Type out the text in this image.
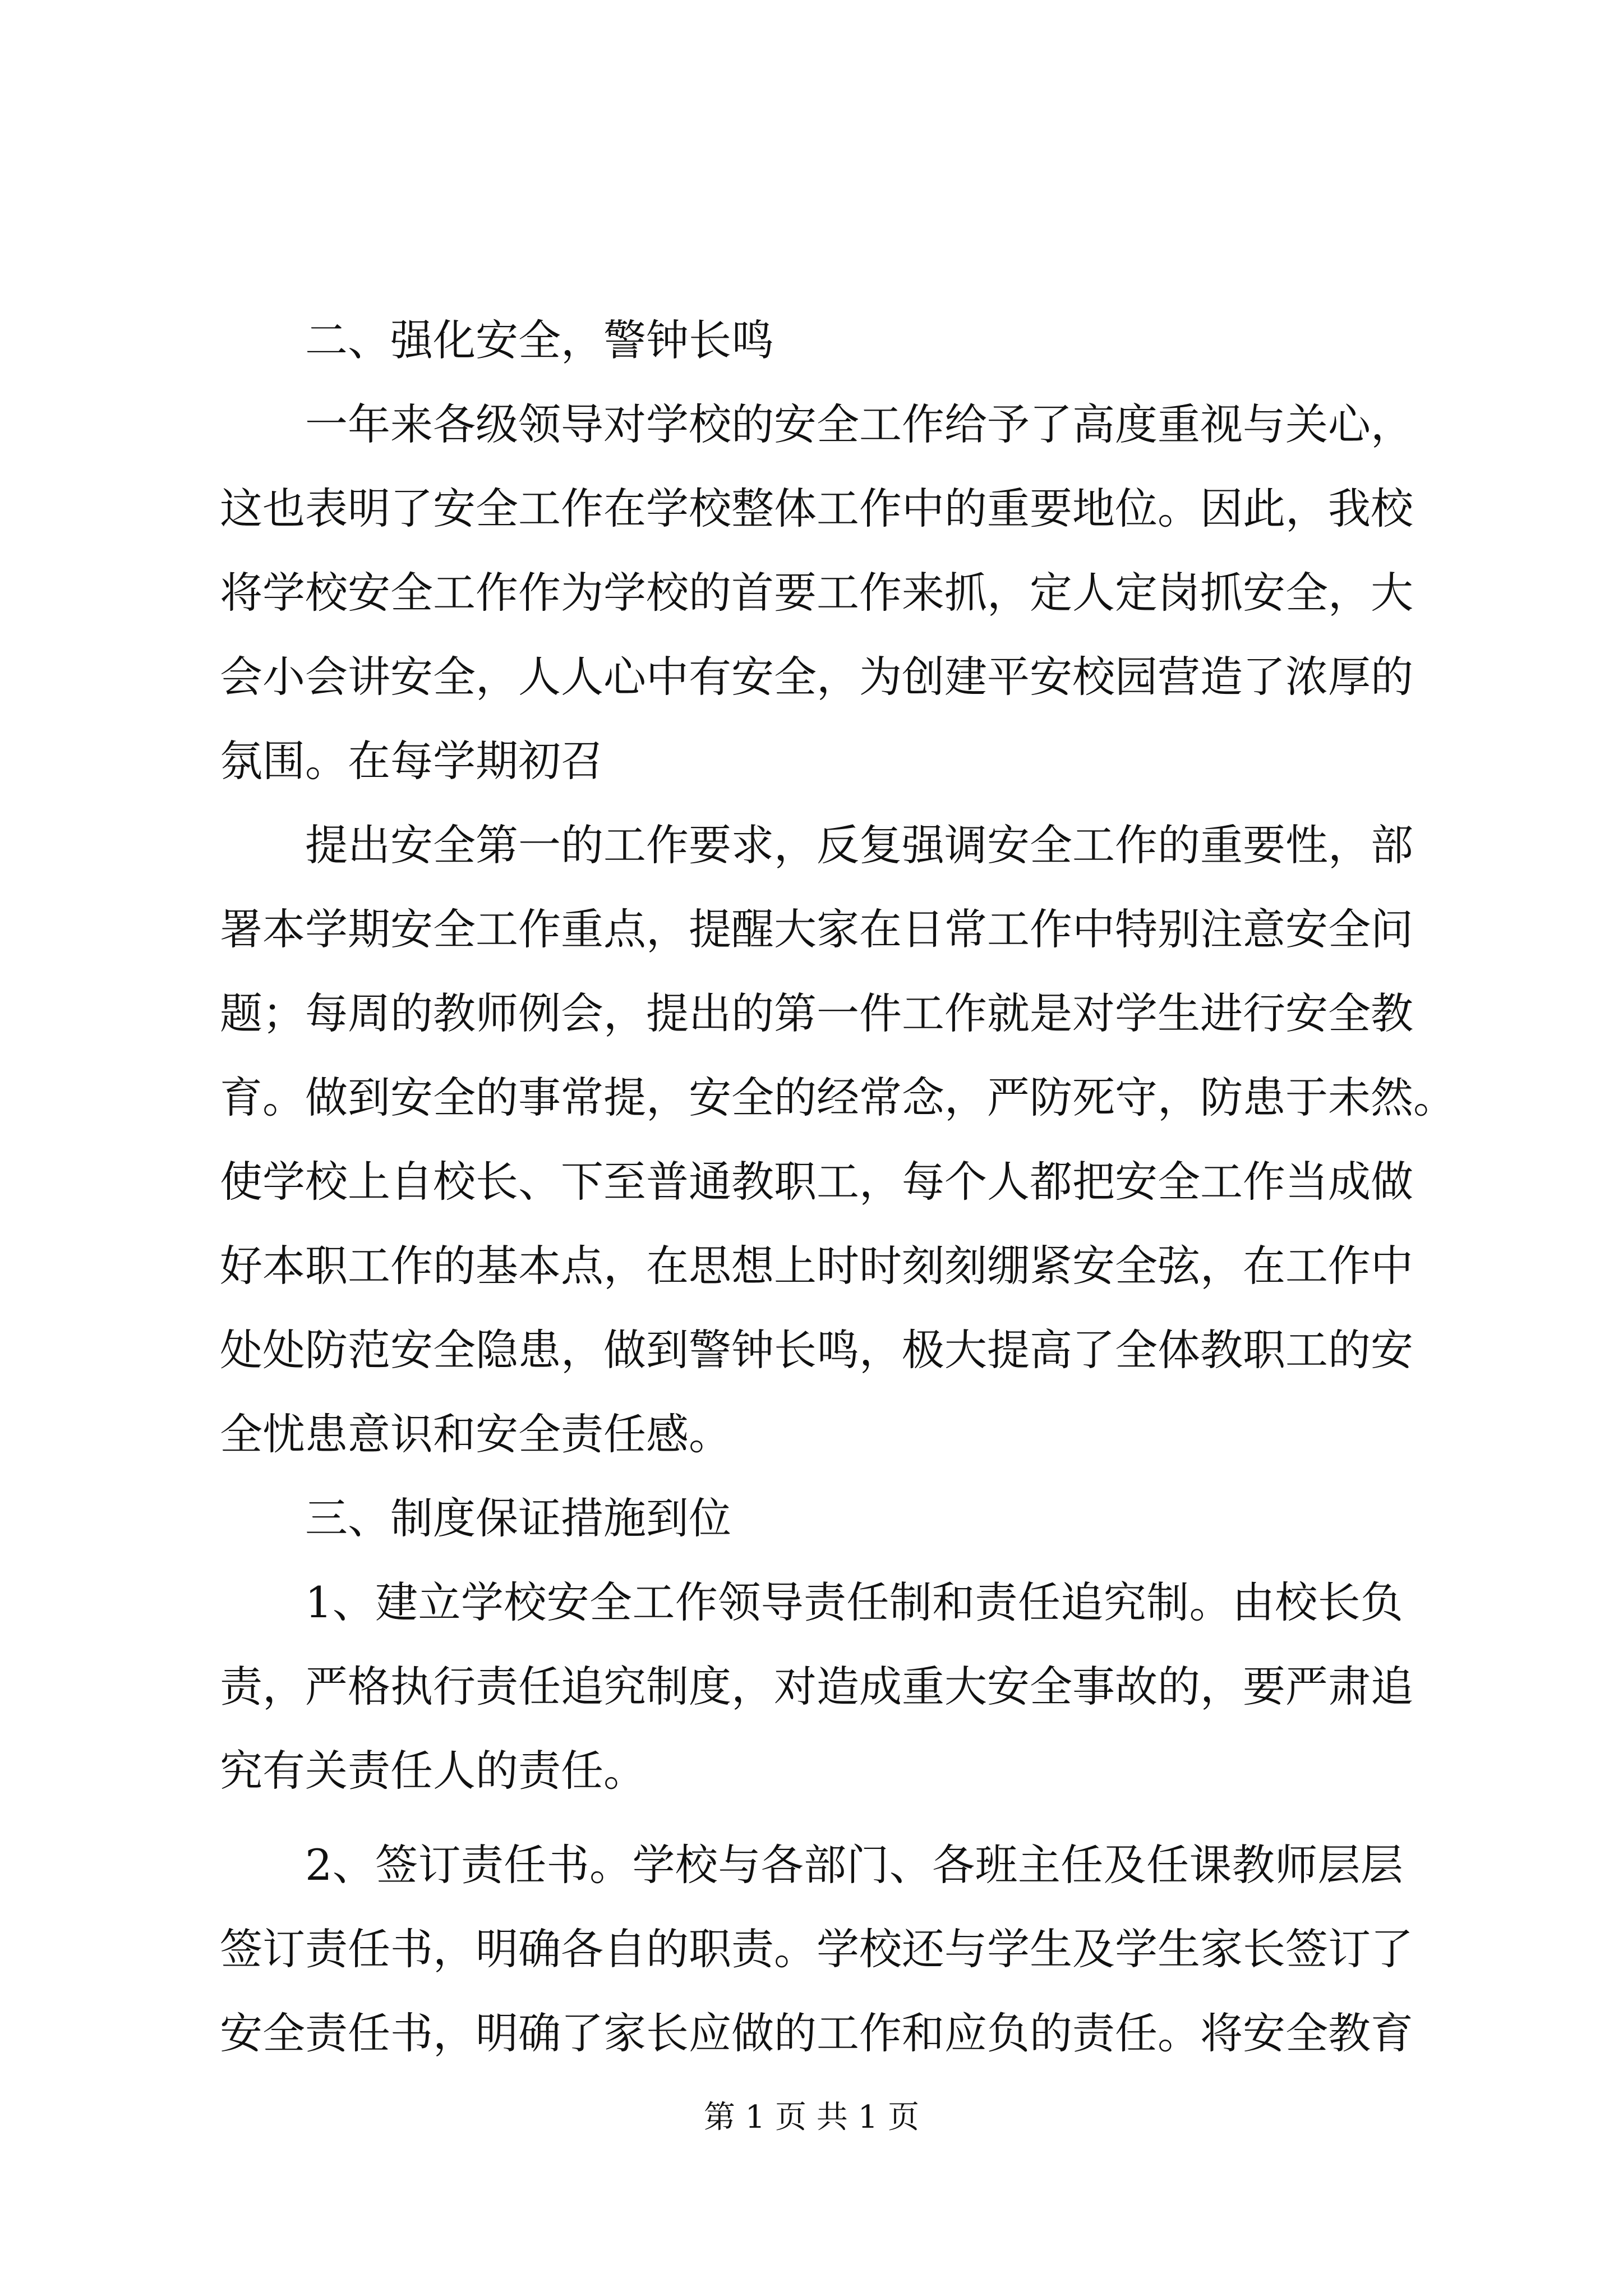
二、强化安全，警钟长鸣
一年来各级领导对学校的安全工作给予了高度重视与关心，
这也表明了安全工作在学校整体工作中的重要地位。因此，我校
将学校安全工作作为学校的首要工作来抓，定人定岗抓安全，大
会小会讲安全，人人心中有安全，为创建平安校园营造了浓厚的
氛围。在每学期初召
提出安全第一的工作要求，反复强调安全工作的重要性，部
署本学期安全工作重点，提醒大家在日常工作中特别注意安全问
题；每周的教师例会，提出的第一件工作就是对学生进行安全教
育。做到安全的事常提，安全的经常念，严防死守，防患于未然。
使学校上自校长、下至普通教职工，每个人都把安全工作当成做
好本职工作的基本点，在思想上时时刻刻绷紧安全弦，在工作中
处处防范安全隐患，做到警钟长鸣，极大提高了全体教职工的安
全忧患意识和安全责任感。
三、制度保证措施到位
1、建立学校安全工作领导责任制和责任追究制。由校长负
责，严格执行责任追究制度，对造成重大安全事故的，要严肃追
究有关责任人的责任。
2、签订责任书。学校与各部门、各班主任及任课教师层层
签订责任书，明确各自的职责。学校还与学生及学生家长签订了
安全责任书，明确了家长应做的工作和应负的责任。将安全教育
第 1 页 共 1 页
